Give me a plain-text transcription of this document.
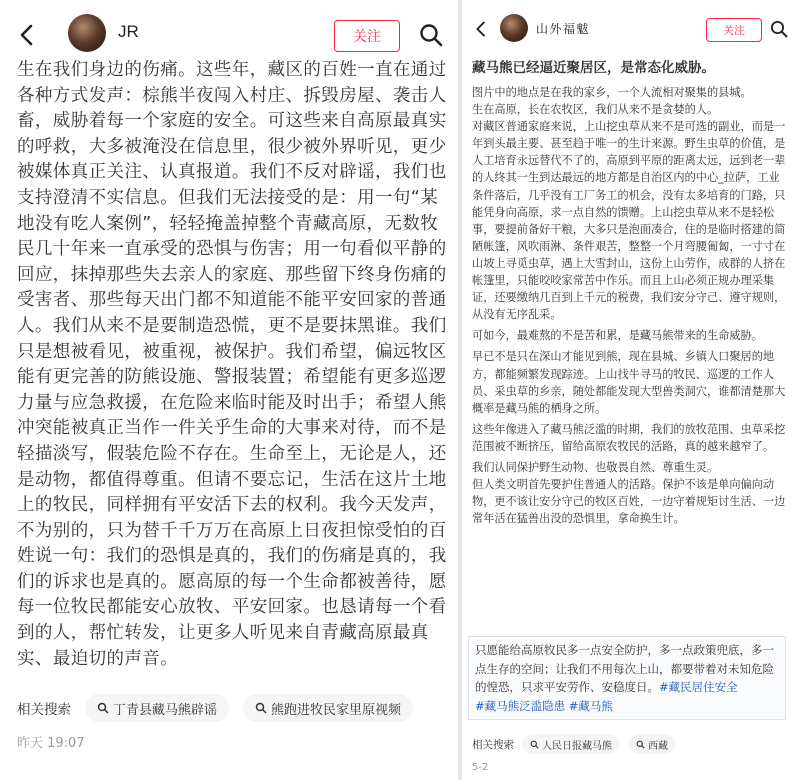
JR	关注

生在我们身边的伤痛。这些年，藏区的百姓一直在通过各种方式发声：棕熊半夜闯入村庄、拆毁房屋、袭击人畜，威胁着每一个家庭的安全。可这些来自高原最真实的呼救，大多被淹没在信息里，很少被外界听见，更少被媒体真正关注、认真报道。我们不反对辟谣，我们也支持澄清不实信息。但我们无法接受的是：用一句“某地没有吃人案例”，轻轻掩盖掉整个青藏高原，无数牧民几十年来一直承受的恐惧与伤害；用一句看似平静的回应，抹掉那些失去亲人的家庭、那些留下终身伤痛的受害者、那些每天出门都不知道能不能平安回家的普通人。我们从来不是要制造恐慌，更不是要抹黑谁。我们只是想被看见，被重视，被保护。我们希望，偏远牧区能有更完善的防熊设施、警报装置；希望能有更多巡逻力量与应急救援，在危险来临时能及时出手；希望人熊冲突能被真正当作一件关乎生命的大事来对待，而不是轻描淡写，假装危险不存在。生命至上，无论是人，还是动物，都值得尊重。但请不要忘记，生活在这片土地上的牧民，同样拥有平安活下去的权利。我今天发声，不为别的，只为替千千万万在高原上日夜担惊受怕的百姓说一句：我们的恐惧是真的，我们的伤痛是真的，我们的诉求也是真的。愿高原的每一个生命都被善待，愿每一位牧民都能安心放牧、平安回家。也恳请每一个看到的人，帮忙转发，让更多人听见来自青藏高原最真实、最迫切的声音。

相关搜索	丁青县藏马熊辟谣	熊跑进牧民家里原视频
昨天 19:07
山外福魃	关注
藏马熊已经逼近聚居区，是常态化威胁。

图片中的地点是在我的家乡，一个人流相对聚集的县城。

生在高原，长在农牧区，我们从来不是贪婪的人。

对藏区普通家庭来说，上山挖虫草从来不是可选的副业，而是一年到头最主要、甚至趋于唯一的生计来源。野生虫草的价值，是人工培育永远替代不了的，高原到平原的距离太远，远到老一辈的人终其一生到达最远的地方都是自治区内的中心_拉萨，工业条件落后，几乎没有工厂务工的机会，没有太多培育的门路，只能凭身向高原，求一点自然的馈赠。上山挖虫草从来不是轻松事，要提前备好干粮，大多只是泡面凑合，住的是临时搭建的简陋帐篷，风吹雨淋、条件艰苦，整整一个月弯腰匍匐，一寸寸在山坡上寻觅虫草，遇上大雪封山，这份上山劳作，成群的人挤在帐篷里，只能咬咬家常苦中作乐。而且上山必须正规办理采集证，还要缴纳几百到上千元的税费，我们安分守己、遵守规则，从没有无序乱采。

可如今，最难熬的不是苦和累，是藏马熊带来的生命威胁。

早已不是只在深山才能见到熊，现在县城、乡镇人口聚居的地方，都能频繁发现踪迹。上山找牛寻马的牧民、巡逻的工作人员、采虫草的乡亲，随处都能发现大型兽类洞穴，谁都清楚那大概率是藏马熊的栖身之所。

这些年像进入了藏马熊泛滥的时期，我们的放牧范围、虫草采挖范围被不断挤压，留给高原农牧民的活路，真的越来越窄了。

我们认同保护野生动物、也敬畏自然、尊重生灵。

但人类文明首先要护住普通人的活路。保护不该是单向偏向动物，更不该让安分守己的牧区百姓，一边守着规矩讨生活、一边常年活在猛兽出没的恐惧里，拿命换生计。

只愿能给高原牧民多一点安全防护，多一点政策兜底，多一点生存的空间；让我们不用每次上山，都要带着对未知危险的惶恐，只求平安劳作、安稳度日。#藏民居住安全
#藏马熊泛滥隐患 #藏马熊
相关搜索	人民日报藏马熊	西藏
5-2
